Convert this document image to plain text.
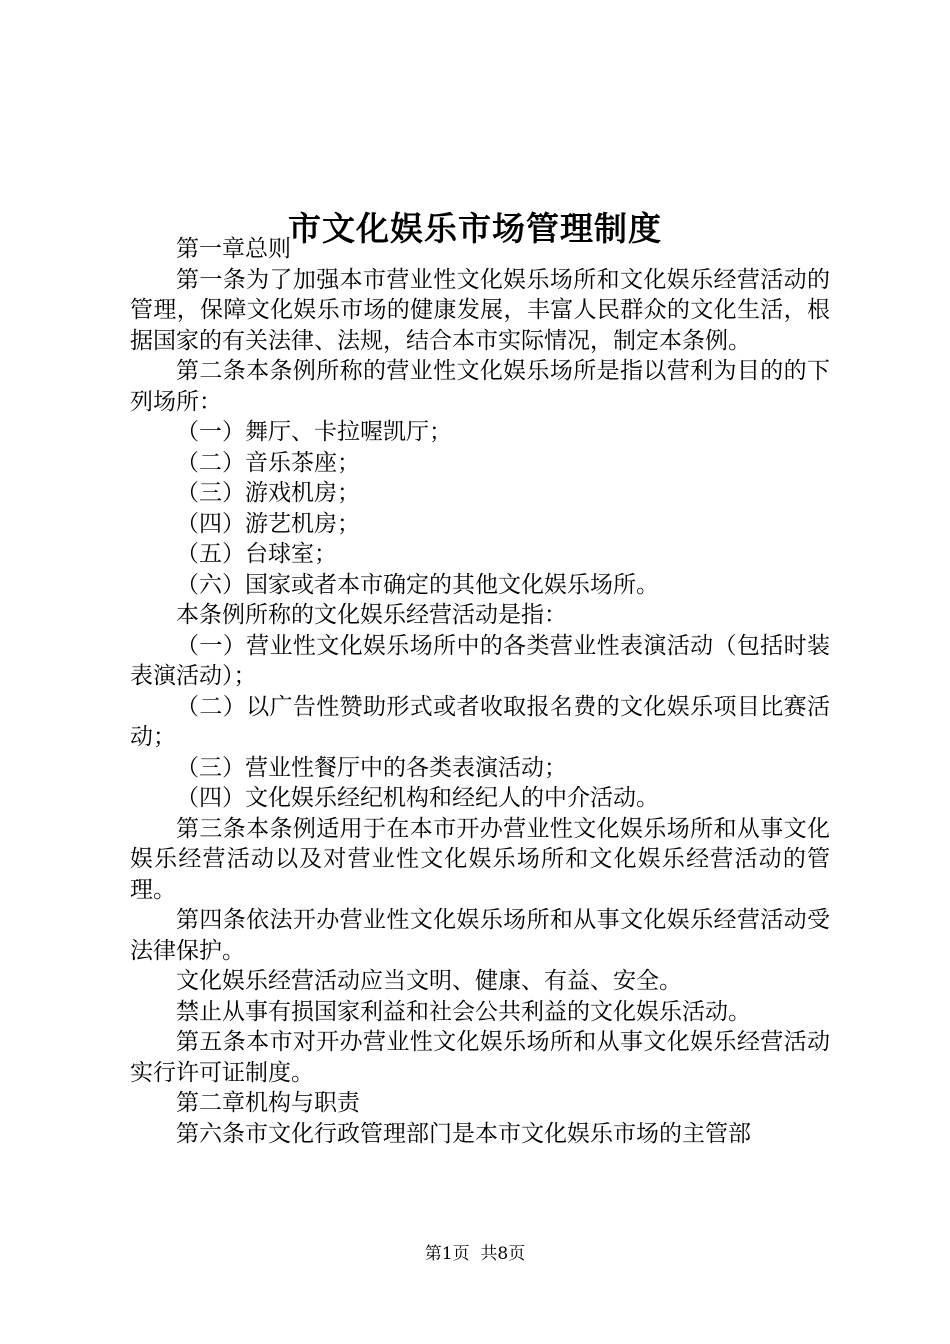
市文化娱乐市场管理制度

第一章总则

第一条为了加强本市营业性文化娱乐场所和文化娱乐经营活动的管理，保障文化娱乐市场的健康发展，丰富人民群众的文化生活，根据国家的有关法律、法规，结合本市实际情况，制定本条例。

第二条本条例所称的营业性文化娱乐场所是指以营利为目的的下列场所：

（一）舞厅、卡拉喔凯厅；

（二）音乐茶座；

（三）游戏机房；

（四）游艺机房；

（五）台球室；

（六）国家或者本市确定的其他文化娱乐场所。

本条例所称的文化娱乐经营活动是指：

（一）营业性文化娱乐场所中的各类营业性表演活动（包括时装表演活动）；

（二）以广告性赞助形式或者收取报名费的文化娱乐项目比赛活动；

（三）营业性餐厅中的各类表演活动；

（四）文化娱乐经纪机构和经纪人的中介活动。

第三条本条例适用于在本市开办营业性文化娱乐场所和从事文化娱乐经营活动以及对营业性文化娱乐场所和文化娱乐经营活动的管理。

第四条依法开办营业性文化娱乐场所和从事文化娱乐经营活动受法律保护。

文化娱乐经营活动应当文明、健康、有益、安全。

禁止从事有损国家利益和社会公共利益的文化娱乐活动。

第五条本市对开办营业性文化娱乐场所和从事文化娱乐经营活动实行许可证制度。

第二章机构与职责

第六条市文化行政管理部门是本市文化娱乐市场的主管部

第1页 共8页
